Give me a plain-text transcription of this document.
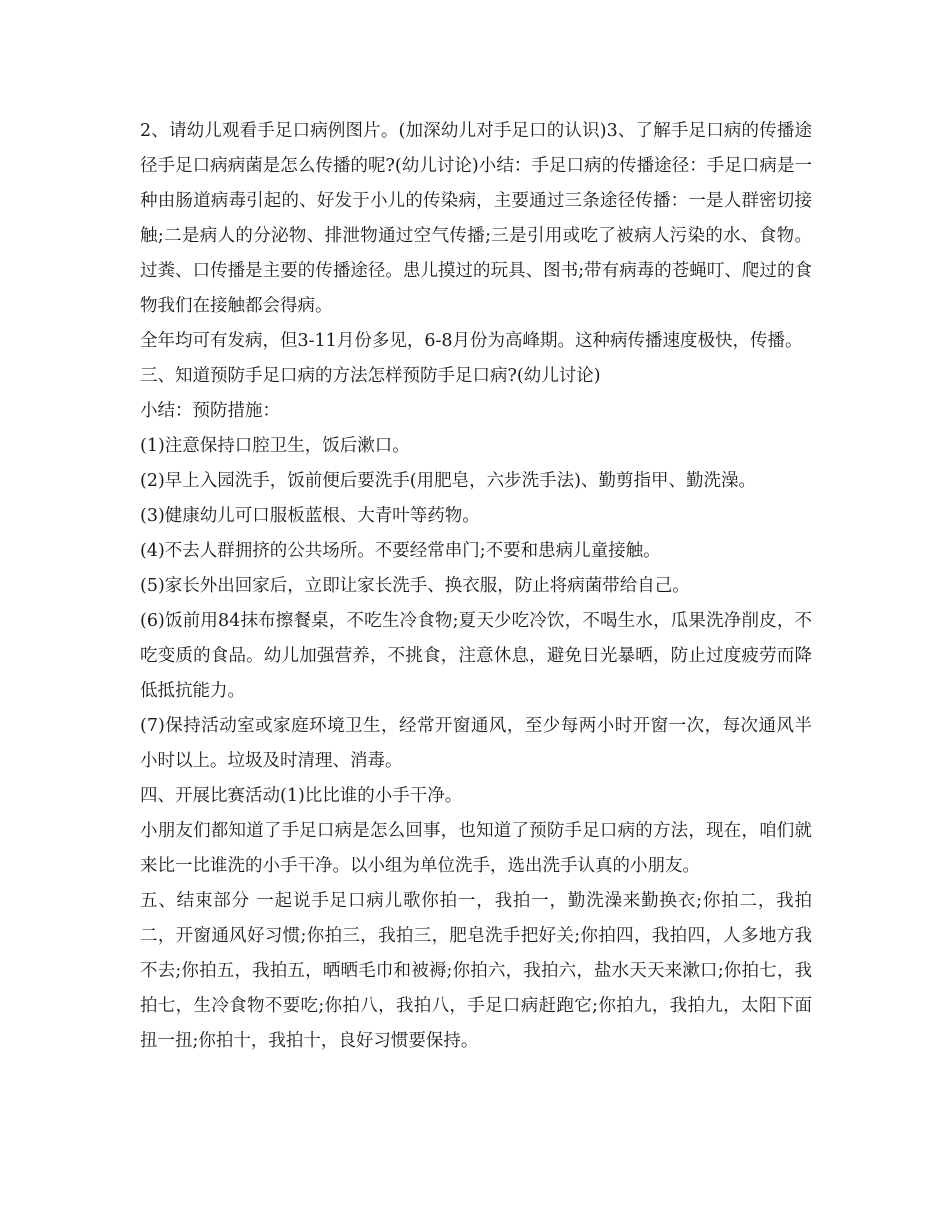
2、请幼儿观看手足口病例图片。(加深幼儿对手足口的认识)3、了解手足口病的传播途径手足口病病菌是怎么传播的呢?(幼儿讨论)小结：手足口病的传播途径：手足口病是一种由肠道病毒引起的、好发于小儿的传染病，主要通过三条途径传播：一是人群密切接触;二是病人的分泌物、排泄物通过空气传播;三是引用或吃了被病人污染的水、食物。过粪、口传播是主要的传播途径。患儿摸过的玩具、图书;带有病毒的苍蝇叮、爬过的食物我们在接触都会得病。

全年均可有发病，但3-11月份多见，6-8月份为高峰期。这种病传播速度极快，传播。

三、知道预防手足口病的方法怎样预防手足口病?(幼儿讨论)

小结：预防措施：

(1)注意保持口腔卫生，饭后漱口。

(2)早上入园洗手，饭前便后要洗手(用肥皂，六步洗手法)、勤剪指甲、勤洗澡。

(3)健康幼儿可口服板蓝根、大青叶等药物。

(4)不去人群拥挤的公共场所。不要经常串门;不要和患病儿童接触。

(5)家长外出回家后，立即让家长洗手、换衣服，防止将病菌带给自己。

(6)饭前用84抹布擦餐桌，不吃生冷食物;夏天少吃冷饮，不喝生水，瓜果洗净削皮，不吃变质的食品。幼儿加强营养，不挑食，注意休息，避免日光暴晒，防止过度疲劳而降低抵抗能力。

(7)保持活动室或家庭环境卫生，经常开窗通风，至少每两小时开窗一次，每次通风半小时以上。垃圾及时清理、消毒。

四、开展比赛活动(1)比比谁的小手干净。

小朋友们都知道了手足口病是怎么回事，也知道了预防手足口病的方法，现在，咱们就来比一比谁洗的小手干净。以小组为单位洗手，选出洗手认真的小朋友。

五、结束部分 一起说手足口病儿歌你拍一，我拍一，勤洗澡来勤换衣;你拍二，我拍二，开窗通风好习惯;你拍三，我拍三，肥皂洗手把好关;你拍四，我拍四，人多地方我不去;你拍五，我拍五，晒晒毛巾和被褥;你拍六，我拍六，盐水天天来漱口;你拍七，我拍七，生冷食物不要吃;你拍八，我拍八，手足口病赶跑它;你拍九，我拍九，太阳下面扭一扭;你拍十，我拍十，良好习惯要保持。
